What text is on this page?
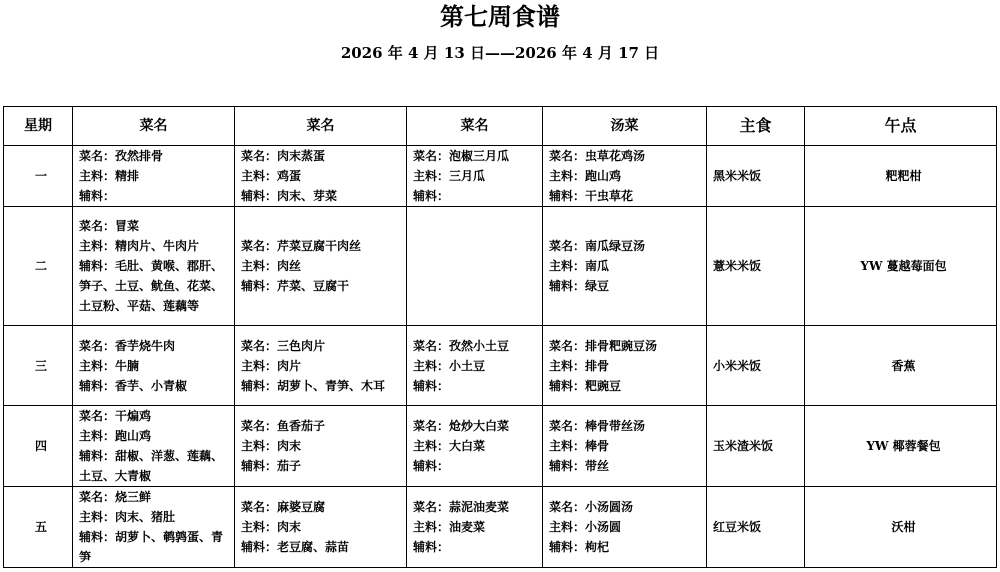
第七周食谱
2026 年 4 月 13 日——2026 年 4 月 17 日
星期	菜名	菜名	菜名	汤菜	主食	午点
一	菜名：孜然排骨
主料：精排
辅料：	菜名：肉末蒸蛋
主料：鸡蛋
辅料：肉末、芽菜	菜名：泡椒三月瓜
主料：三月瓜
辅料：	菜名：虫草花鸡汤
主料：跑山鸡
辅料：干虫草花	黑米米饭	粑粑柑
二	菜名：冒菜
主料：精肉片、牛肉片
辅料：毛肚、黄喉、郡肝、笋子、土豆、鱿鱼、花菜、土豆粉、平菇、莲藕等	菜名：芹菜豆腐干肉丝
主料：肉丝
辅料：芹菜、豆腐干		菜名：南瓜绿豆汤
主料：南瓜
辅料：绿豆	薏米米饭	YW 蔓越莓面包
三	菜名：香芋烧牛肉
主料：牛腩
辅料：香芋、小青椒	菜名：三色肉片
主料：肉片
辅料：胡萝卜、青笋、木耳	菜名：孜然小土豆
主料：小土豆
辅料：	菜名：排骨粑豌豆汤
主料：排骨
辅料：粑豌豆	小米米饭	香蕉
四	菜名：干煸鸡
主料：跑山鸡
辅料：甜椒、洋葱、莲藕、土豆、大青椒	菜名：鱼香茄子
主料：肉末
辅料：茄子	菜名：炝炒大白菜
主料：大白菜
辅料：	菜名：棒骨带丝汤
主料：棒骨
辅料：带丝	玉米渣米饭	YW 椰蓉餐包
五	菜名：烧三鲜
主料：肉末、猪肚
辅料：胡萝卜、鹌鹑蛋、青笋	菜名：麻婆豆腐
主料：肉末
辅料：老豆腐、蒜苗	菜名：蒜泥油麦菜
主料：油麦菜
辅料：	菜名：小汤圆汤
主料：小汤圆
辅料：枸杞	红豆米饭	沃柑
